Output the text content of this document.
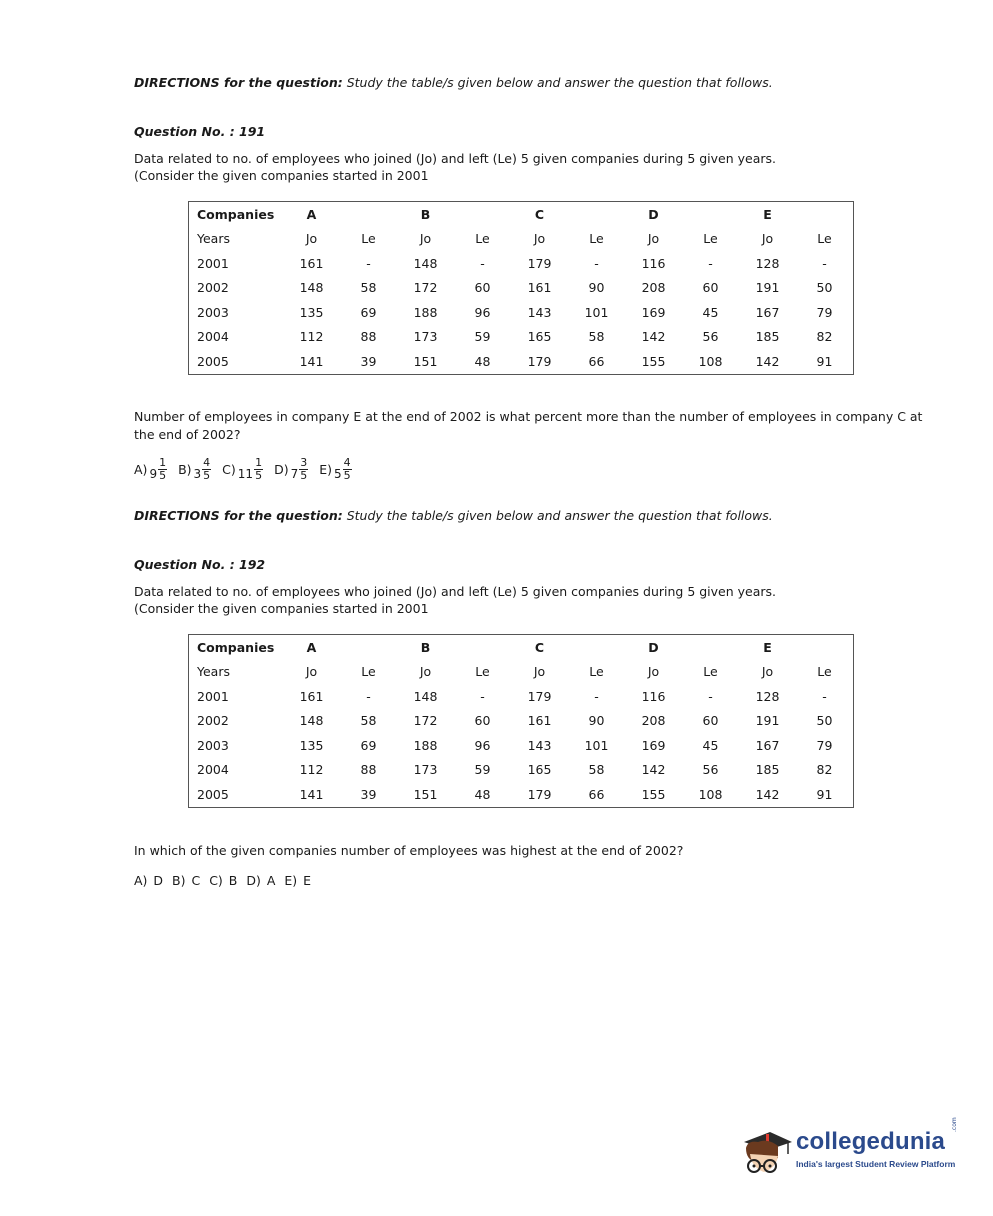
DIRECTIONS for the question: Study the table/s given below and answer the question that follows.
Question No. : 191
Data related to no. of employees who joined (Jo) and left (Le) 5 given companies during 5 given years.
(Consider the given companies started in 2001
Companies	A		B		C		D		E	
Years	Jo	Le	Jo	Le	Jo	Le	Jo	Le	Jo	Le
2001	161	-	148	-	179	-	116	-	128	-
2002	148	58	172	60	161	90	208	60	191	50
2003	135	69	188	96	143	101	169	45	167	79
2004	112	88	173	59	165	58	142	56	185	82
2005	141	39	151	48	179	66	155	108	142	91
Number of employees in company E at the end of 2002 is what percent more than the number of employees in company C at
the end of 2002?
A) $9 \frac{1}{5} B$) $3 \frac{4}{5} C$) $11 \frac{1}{5} D$) $7 \frac{3}{5} E$) $5 \frac{4}{5}$
DIRECTIONS for the question: Study the table/s given below and answer the question that follows.
Question No. : 192
Data related to no. of employees who joined (Jo) and left (Le) 5 given companies during 5 given years.
(Consider the given companies started in 2001
Companies	A		B		C		D		E	
Years	Jo	Le	Jo	Le	Jo	Le	Jo	Le	Jo	Le
2001	161	-	148	-	179	-	116	-	128	-
2002	148	58	172	60	161	90	208	60	191	50
2003	135	69	188	96	143	101	169	45	167	79
2004	112	88	173	59	165	58	142	56	185	82
2005	141	39	151	48	179	66	155	108	142	91
In which of the given companies number of employees was highest at the end of 2002?
A) D B) C C) B D) A E) E
collegedunia
.com
India's largest Student Review Platform
